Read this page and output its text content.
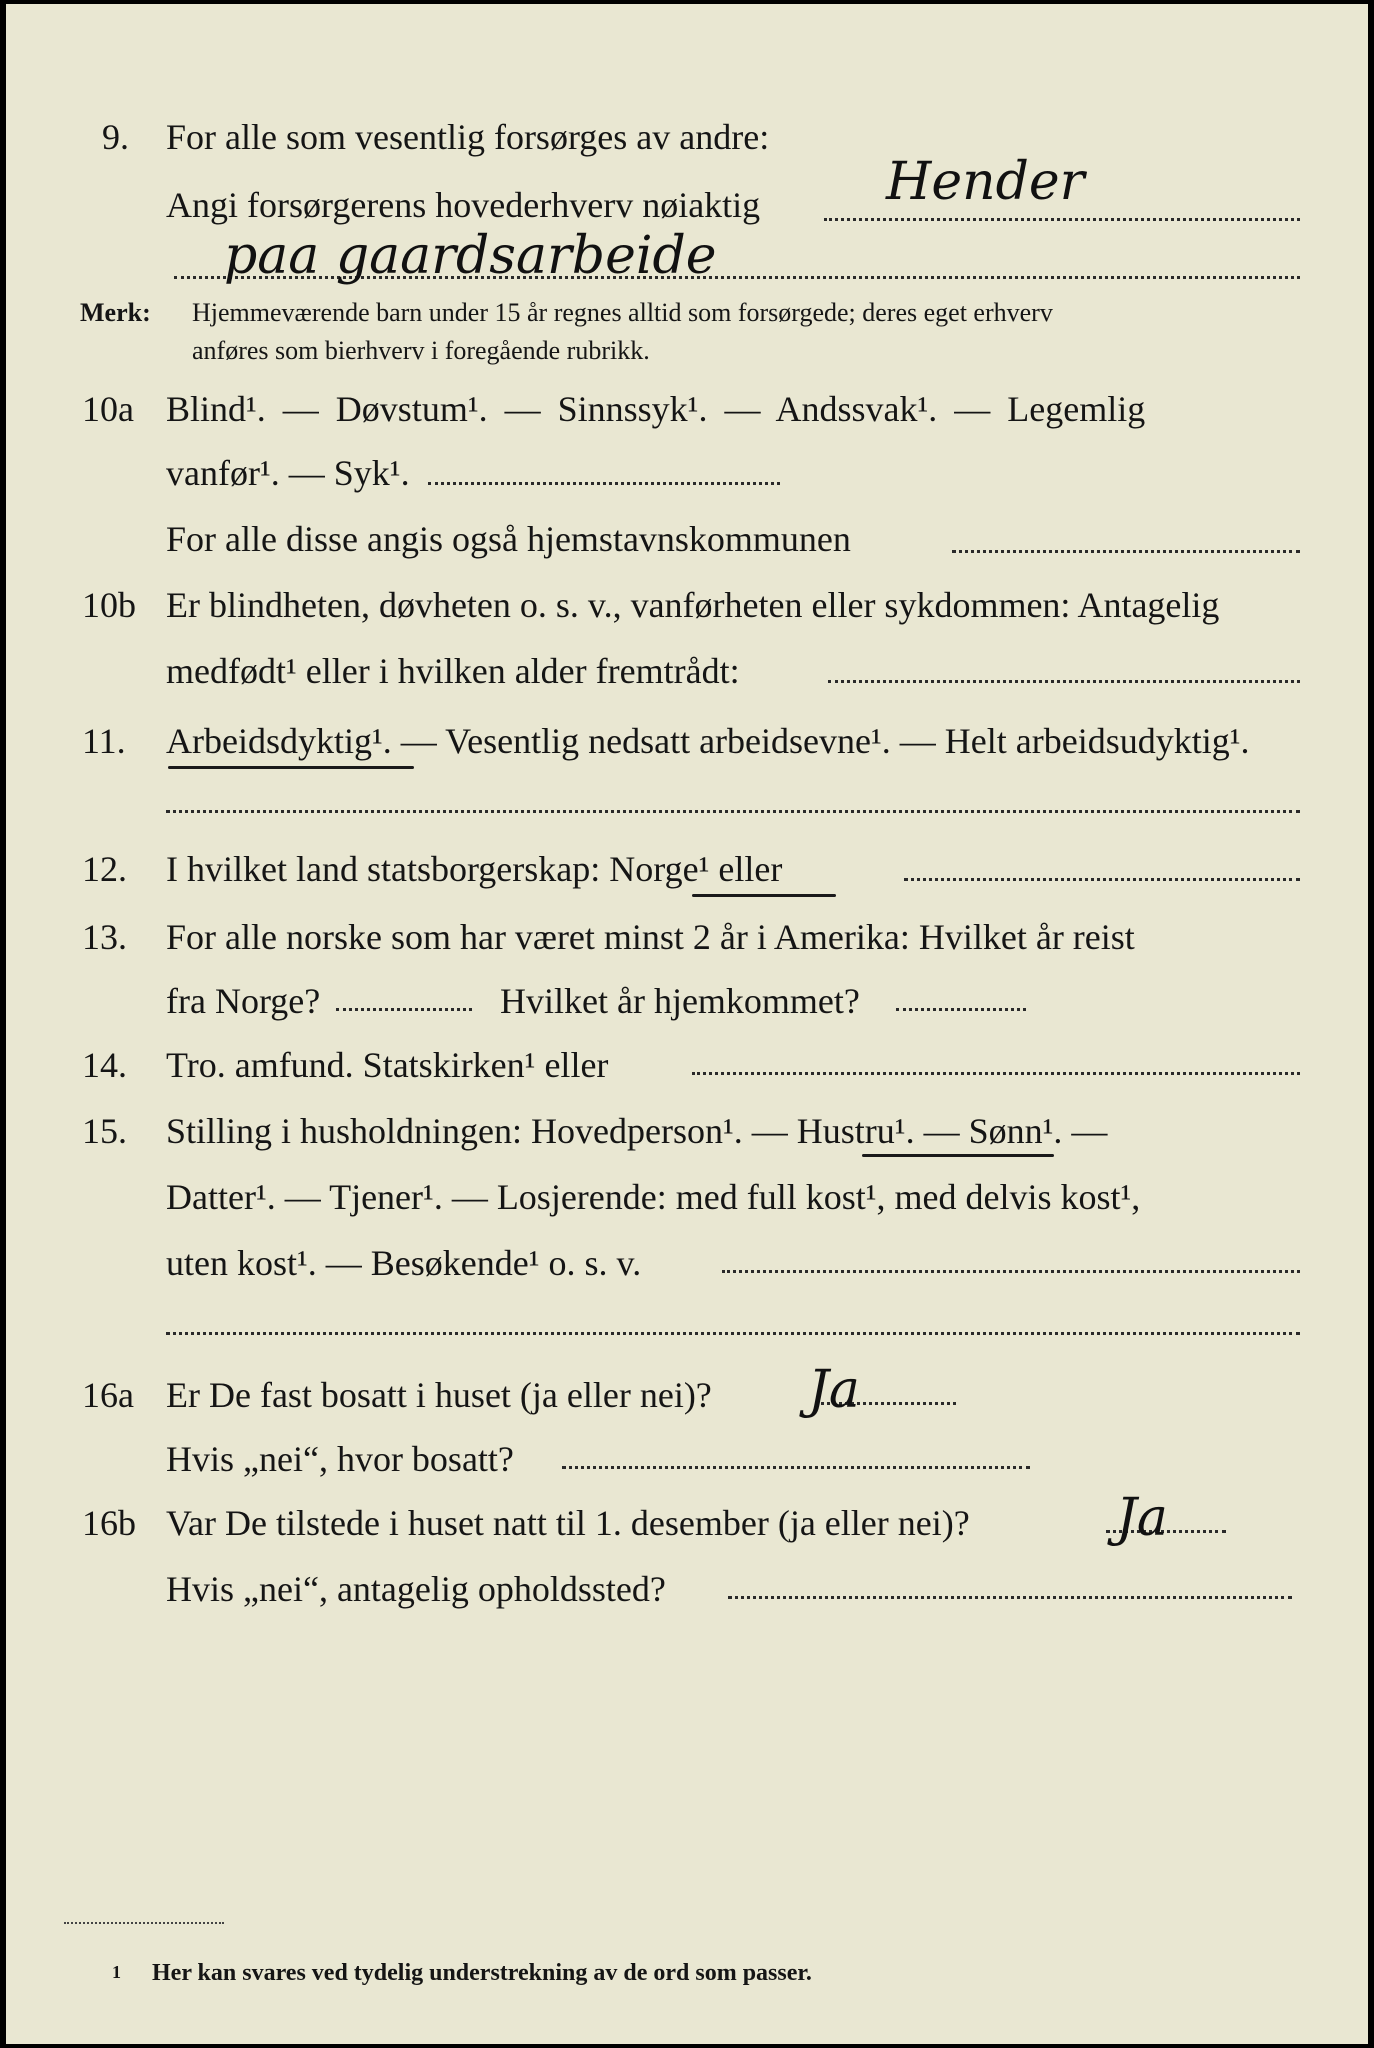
9. For alle som vesentlig forsørges av andre:
Angi forsørgerens hovederhverv nøiaktig Hender
paa gaardsarbeide
Merk: Hjemmeværende barn under 15 år regnes alltid som forsørgede; deres eget erhverv
anføres som bierhverv i foregående rubrikk.
10a Blind¹. — Døvstum¹. — Sinnssyk¹. — Andssvak¹. — Legemlig
vanfør¹. — Syk¹.
For alle disse angis også hjemstavnskommunen
10b Er blindheten, døvheten o. s. v., vanførheten eller sykdommen: Antagelig
medfødt¹ eller i hvilken alder fremtrådt:
11. Arbeidsdyktig¹. — Vesentlig nedsatt arbeidsevne¹. — Helt arbeidsudyktig¹.
12. I hvilket land statsborgerskap: Norge¹ eller
13. For alle norske som har været minst 2 år i Amerika: Hvilket år reist
fra Norge?	Hvilket år hjemkommet?
14. Tro. amfund. Statskirken¹ eller
15. Stilling i husholdningen: Hovedperson¹. — Hustru¹. — Sønn¹. —
Datter¹. — Tjener¹. — Losjerende: med full kost¹, med delvis kost¹,
uten kost¹. — Besøkende¹ o. s. v.
16a Er De fast bosatt i huset (ja eller nei)? Ja
Hvis „nei“, hvor bosatt?
16b Var De tilstede i huset natt til 1. desember (ja eller nei)?	Ja
Hvis „nei“, antagelig opholdssted?
1 Her kan svares ved tydelig understrekning av de ord som passer.
